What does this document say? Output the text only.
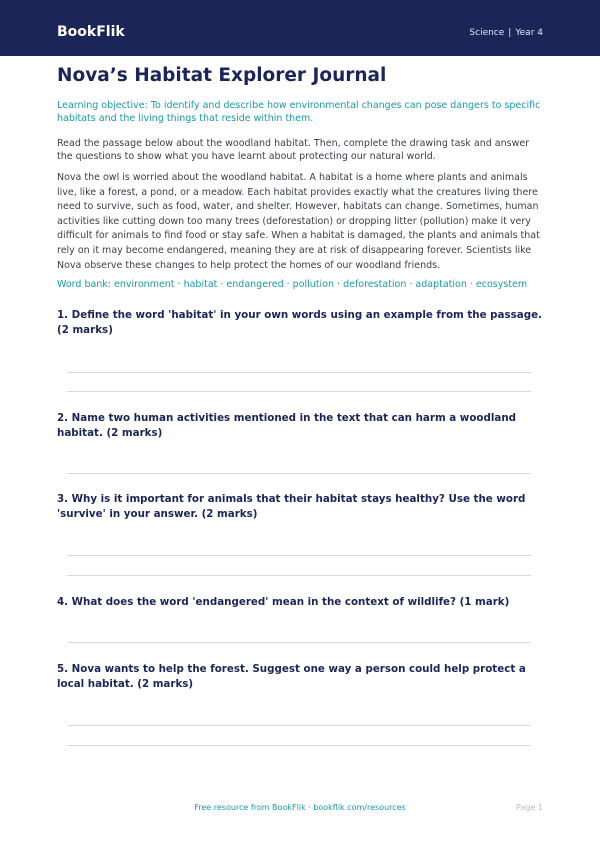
BookFlik	Science | Year 4
Nova’s Habitat Explorer Journal

Learning objective: To identify and describe how environmental changes can pose dangers to specific habitats and the living things that reside within them.

Read the passage below about the woodland habitat. Then, complete the drawing task and answer the questions to show what you have learnt about protecting our natural world.

Nova the owl is worried about the woodland habitat. A habitat is a home where plants and animals live, like a forest, a pond, or a meadow. Each habitat provides exactly what the creatures living there need to survive, such as food, water, and shelter. However, habitats can change. Sometimes, human activities like cutting down too many trees (deforestation) or dropping litter (pollution) make it very difficult for animals to find food or stay safe. When a habitat is damaged, the plants and animals that rely on it may become endangered, meaning they are at risk of disappearing forever. Scientists like Nova observe these changes to help protect the homes of our woodland friends.

Word bank: environment · habitat · endangered · pollution · deforestation · adaptation · ecosystem

1. Define the word 'habitat' in your own words using an example from the passage. (2 marks)

2. Name two human activities mentioned in the text that can harm a woodland habitat. (2 marks)

3. Why is it important for animals that their habitat stays healthy? Use the word 'survive' in your answer. (2 marks)

4. What does the word 'endangered' mean in the context of wildlife? (1 mark)

5. Nova wants to help the forest. Suggest one way a person could help protect a local habitat. (2 marks)

Free resource from BookFlik · bookflik.com/resources	Page 1
